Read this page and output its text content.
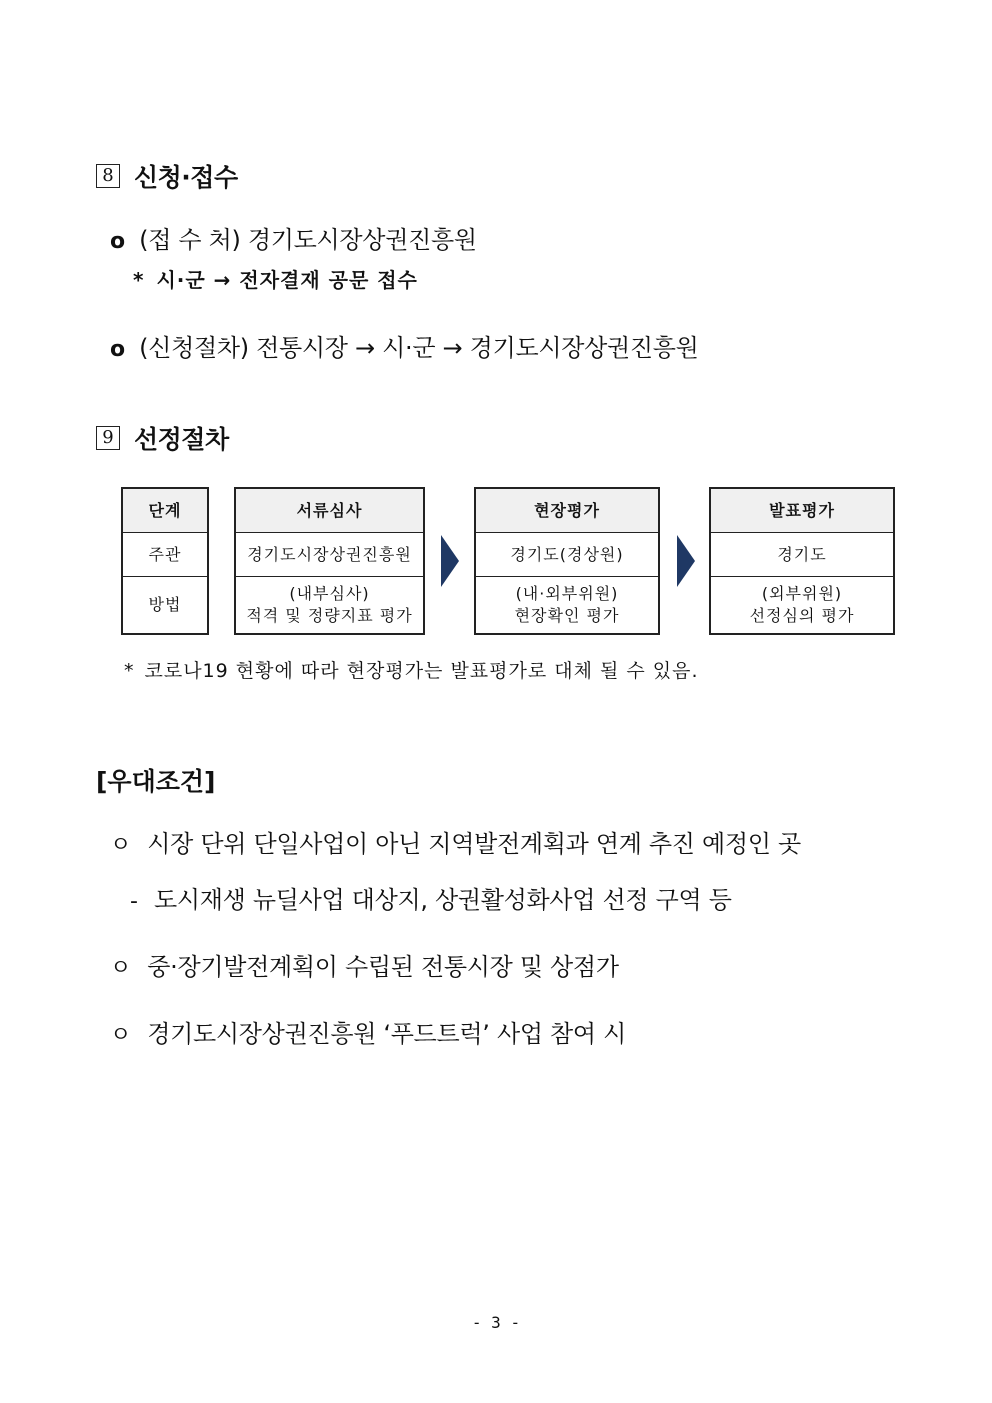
8 신청·접수
o (접 수 처) 경기도시장상권진흥원
* 시·군 → 전자결재 공문 접수
o (신청절차) 전통시장 → 시·군 → 경기도시장상권진흥원
9 선정절차
단계
주관
방법
서류심사
경기도시장상권진흥원
(내부심사)
적격 및 정량지표 평가
현장평가
경기도(경상원)
(내·외부위원)
현장확인 평가
발표평가
경기도
(외부위원)
선정심의 평가
* 코로나19 현황에 따라 현장평가는 발표평가로 대체 될 수 있음.
[우대조건]
ㅇ 시장 단위 단일사업이 아닌 지역발전계획과 연계 추진 예정인 곳
- 도시재생 뉴딜사업 대상지, 상권활성화사업 선정 구역 등
ㅇ 중·장기발전계획이 수립된 전통시장 및 상점가
ㅇ 경기도시장상권진흥원 ‘푸드트럭’ 사업 참여 시
- 3 -
